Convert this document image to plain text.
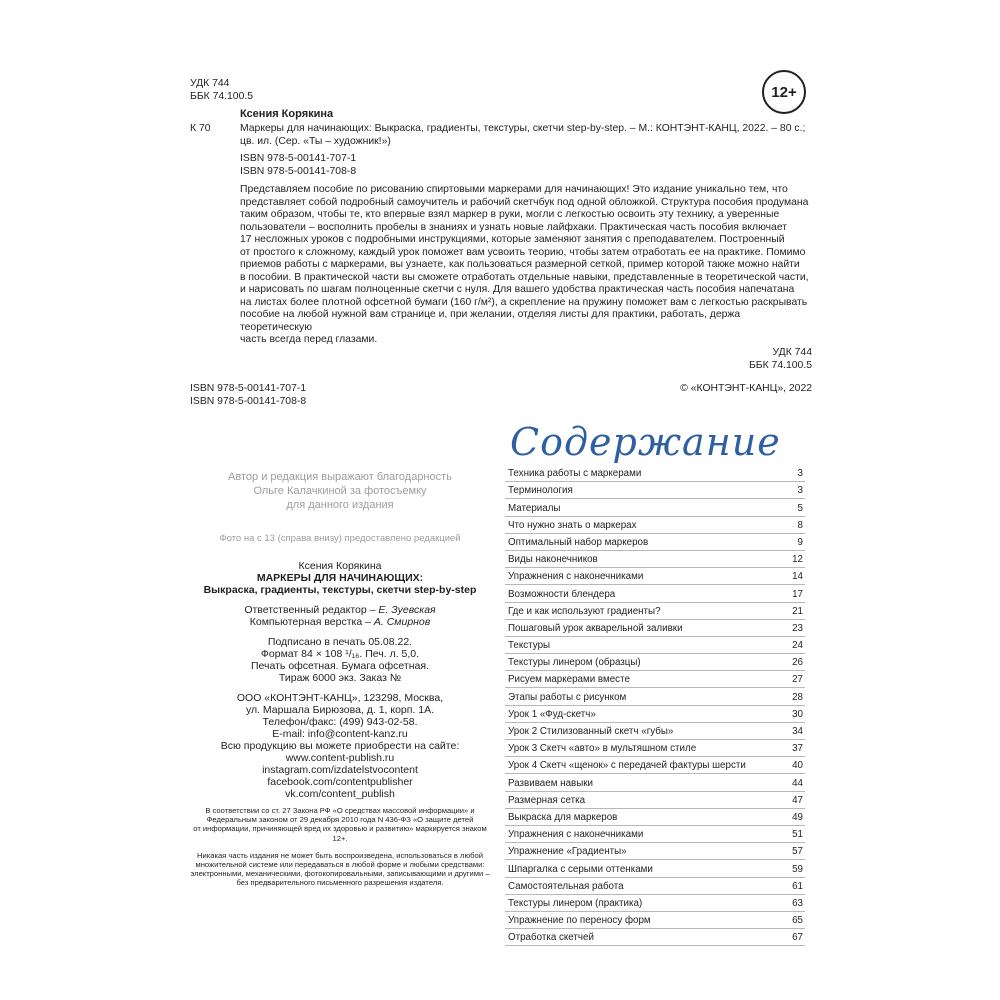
УДК 744
ББК 74.100.5	12+
Ксения Корякина
К 70	Маркеры для начинающих: Выкраска, градиенты, текстуры, скетчи step-by-step. – М.: КОНТЭНТ-КАНЦ, 2022. – 80 с.;
цв. ил. (Сер. «Ты – художник!»)
ISBN 978-5-00141-707-1
ISBN 978-5-00141-708-8
Представляем пособие по рисованию спиртовыми маркерами для начинающих! Это издание уникально тем, что
представляет собой подробный самоучитель и рабочий скетчбук под одной обложкой. Структура пособия продумана
таким образом, чтобы те, кто впервые взял маркер в руки, могли с легкостью освоить эту технику, а уверенные
пользователи – восполнить пробелы в знаниях и узнать новые лайфхаки. Практическая часть пособия включает
17 несложных уроков с подробными инструкциями, которые заменяют занятия с преподавателем. Построенный
от простого к сложному, каждый урок поможет вам усвоить теорию, чтобы затем отработать ее на практике. Помимо
приемов работы с маркерами, вы узнаете, как пользоваться размерной сеткой, пример которой также можно найти
в пособии. В практической части вы сможете отработать отдельные навыки, представленные в теоретической части,
и нарисовать по шагам полноценные скетчи с нуля. Для вашего удобства практическая часть пособия напечатана
на листах более плотной офсетной бумаги (160 г/м²), а скрепление на пружину поможет вам с легкостью раскрывать
пособие на любой нужной вам странице и, при желании, отделяя листы для практики, работать, держа теоретическую
часть всегда перед глазами.
УДК 744
ББК 74.100.5
ISBN 978-5-00141-707-1
ISBN 978-5-00141-708-8
© «КОНТЭНТ-КАНЦ», 2022
Содержание
Автор и редакция выражают благодарность
Ольге Калачкиной за фотосъемку
для данного издания
Фото на с 13 (справа внизу) предоставлено редакцией
Ксения Корякина
МАРКЕРЫ ДЛЯ НАЧИНАЮЩИХ:
Выкраска, градиенты, текстуры, скетчи step-by-step
Ответственный редактор – Е. Зуевская
Компьютерная верстка – А. Смирнов
Подписано в печать 05.08.22.
Формат 84 × 108 ¹/₁₆. Печ. л. 5,0.
Печать офсетная. Бумага офсетная.
Тираж 6000 экз. Заказ №
ООО «КОНТЭНТ-КАНЦ», 123298, Москва,
ул. Маршала Бирюзова, д. 1, корп. 1А.
Телефон/факс: (499) 943-02-58.
E-mail: info@content-kanz.ru
Всю продукцию вы можете приобрести на сайте:
www.content-publish.ru
instagram.com/izdatelstvocontent
facebook.com/contentpublisher
vk.com/content_publish
В соответствии со ст. 27 Закона РФ «О средствах массовой информации» и
Федеральным законом от 29 декабря 2010 года N 436-ФЗ «О защите детей
от информации, причиняющей вред их здоровью и развитию» маркируется знаком
12+.
Никакая часть издания не может быть воспроизведена, использоваться в любой
множительной системе или передаваться в любой форме и любыми средствами:
электронными, механическими, фотокопировальными, записывающими и другими –
без предварительного письменного разрешения издателя.
Техника работы с маркерами	3
Терминология	3
Материалы	5
Что нужно знать о маркерах	8
Оптимальный набор маркеров	9
Виды наконечников	12
Упражнения с наконечниками	14
Возможности блендера	17
Где и как используют градиенты?	21
Пошаговый урок акварельной заливки	23
Текстуры	24
Текстуры линером (образцы)	26
Рисуем маркерами вместе	27
Этапы работы с рисунком	28
Урок 1 «Фуд-скетч»	30
Урок 2 Стилизованный скетч «губы»	34
Урок 3 Скетч «авто» в мультяшном стиле	37
Урок 4 Скетч «щенок» с передачей фактуры шерсти	40
Развиваем навыки	44
Размерная сетка	47
Выкраска для маркеров	49
Упражнения с наконечниками	51
Упражнение «Градиенты»	57
Шпаргалка с серыми оттенками	59
Самостоятельная работа	61
Текстуры линером (практика)	63
Упражнение по переносу форм	65
Отработка скетчей	67
